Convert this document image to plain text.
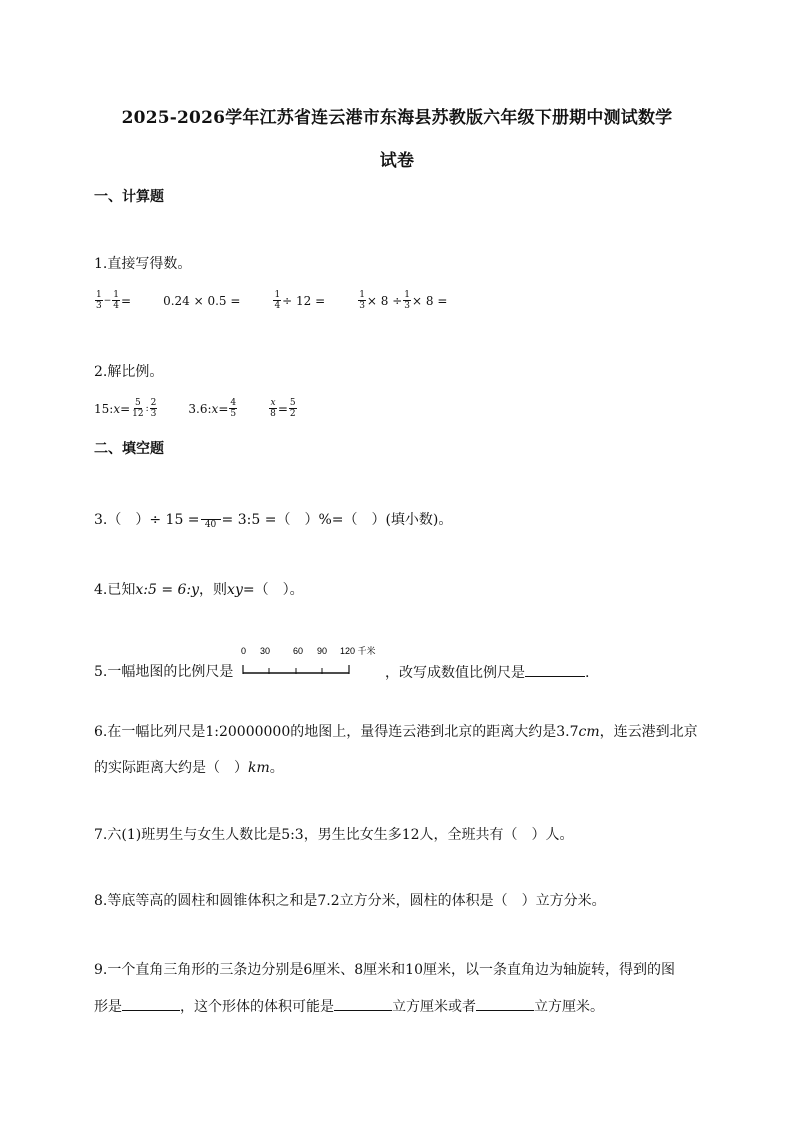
2025-2026学年江苏省连云港市东海县苏教版六年级下册期中测试数学
试卷
一、计算题
1.直接写得数。
$\frac{1}{3} - \frac{1}{4}$ =	0.24 × 0.5 =	$\frac{1}{4} \div 12$ =	$\frac{1}{3} \times 8 \div \frac{1}{3} \times 8$ =
2.解比例。
15: $x = \frac{5}{12}$ : $\frac{2}{3}$	3.6: $x = \frac{4}{5}$	$\frac{x}{8} = \frac{5}{2}$
二、填空题
3.（　）÷ 15 = 40 = 3:5 =（　）%=（　）(填小数)。
4.已知x:5 = 6:y，则xy=（　）。
0 30	60 90 120 千米
5.一幅地图的比例尺是	，改写成数值比例尺是	.
6.在一幅比列尺是1:20000000的地图上，量得连云港到北京的距离大约是3.7cm，连云港到北京
的实际距离大约是（　）km。
7.六(1)班男生与女生人数比是5:3，男生比女生多12人，全班共有（　）人。
8.等底等高的圆柱和圆锥体积之和是7.2立方分米，圆柱的体积是（　）立方分米。
9.一个直角三角形的三条边分别是6厘米、8厘米和10厘米，以一条直角边为轴旋转，得到的图
形是	，这个形体的体积可能是	立方厘米或者	立方厘米。
